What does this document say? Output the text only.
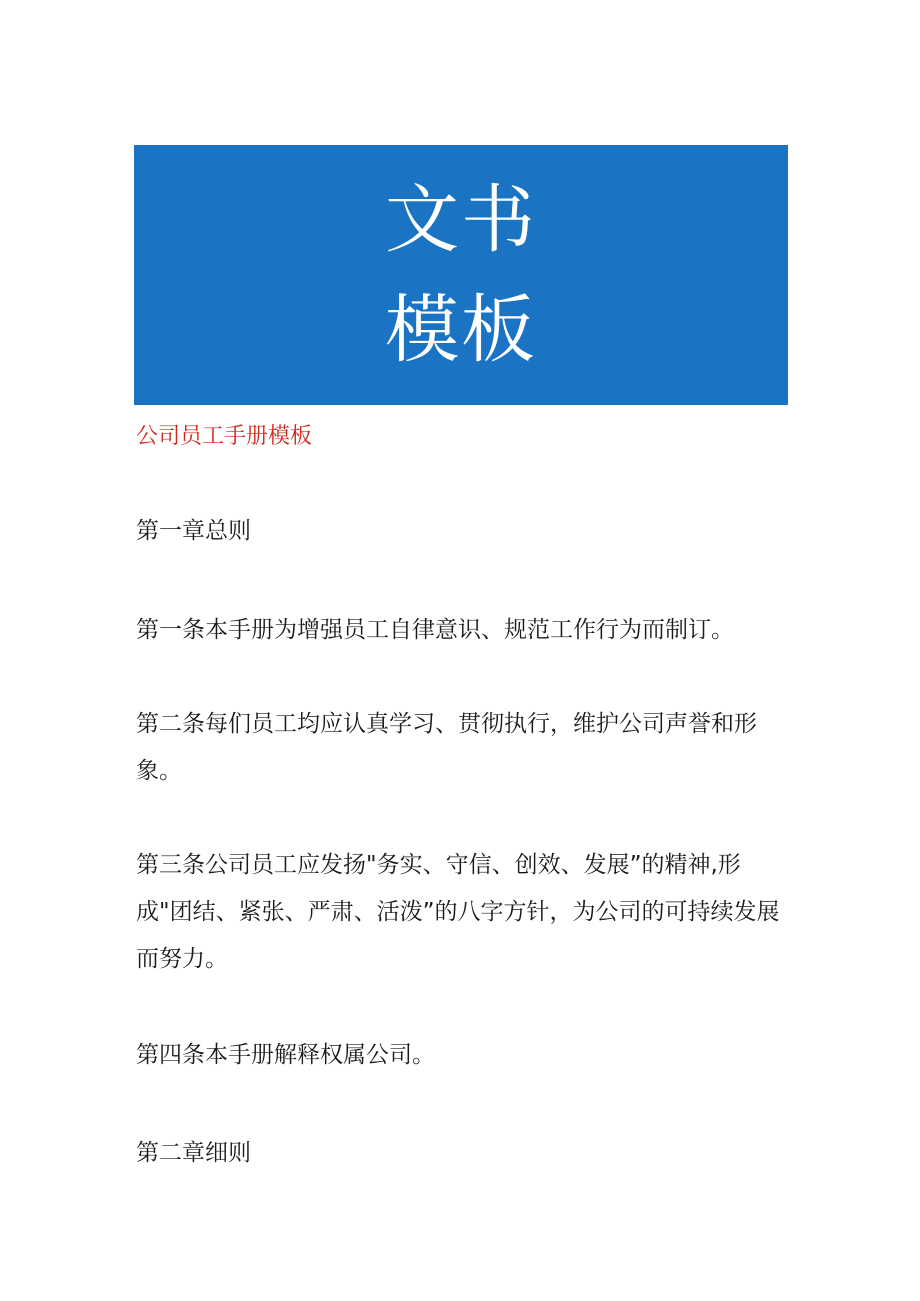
文书
模板
公司员工手册模板

第一章总则

第一条本手册为增强员工自律意识、规范工作行为而制订。

第二条每们员工均应认真学习、贯彻执行，维护公司声誉和形象。

第三条公司员工应发扬"务实、守信、创效、发展”的精神,形成"团结、紧张、严肃、活泼”的八字方针，为公司的可持续发展而努力。

第四条本手册解释权属公司。

第二章细则
